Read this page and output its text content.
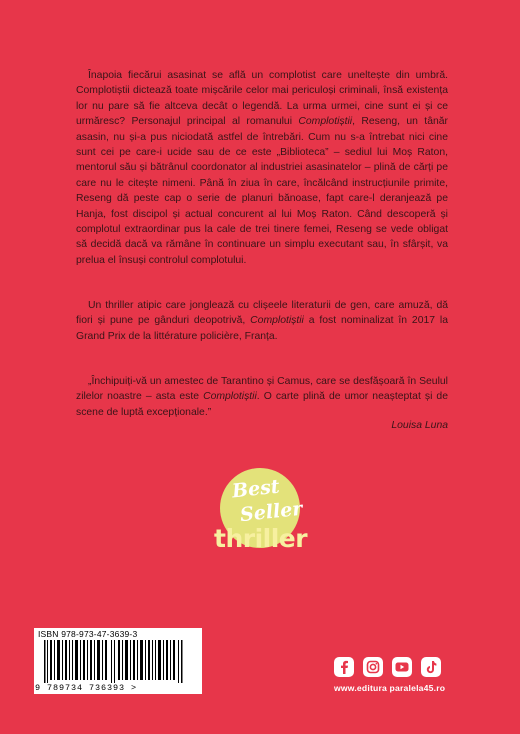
Înapoia fiecărui asasinat se află un complotist care uneltește din umbră. Complotiștii dictează toate mișcările celor mai periculoși criminali, însă existența lor nu pare să fie altceva decât o legendă. La urma urmei, cine sunt ei și ce urmăresc? Personajul principal al romanului Complotiștii, Reseng, un tânăr asasin, nu și-a pus niciodată astfel de întrebări. Cum nu s-a întrebat nici cine sunt cei pe care-i ucide sau de ce este „Biblioteca” – sediul lui Moș Raton, mentorul său și bătrânul coordonator al industriei asasinatelor – plină de cărți pe care nu le citește nimeni. Până în ziua în care, încălcând instrucțiunile primite, Reseng dă peste cap o serie de planuri bănoase, fapt care-l deranjează pe Hanja, fost discipol și actual concurent al lui Moș Raton. Când descoperă și complotul extraordinar pus la cale de trei tinere femei, Reseng se vede obligat să decidă dacă va rămâne în continuare un simplu executant sau, în sfârșit, va prelua el însuși controlul complotului.

Un thriller atipic care jonglează cu clișeele literaturii de gen, care amuză, dă fiori și pune pe gânduri deopotrivă, Complotiștii a fost nominalizat în 2017 la Grand Prix de la littérature policière, Franța.

„Închipuiți-vă un amestec de Tarantino și Camus, care se desfășoară în Seulul zilelor noastre – asta este Complotiștii. O carte plină de umor neașteptat și de scene de luptă excepționale.”

Louisa Luna
Best
Seller
thriller
ISBN 978-973-47-3639-3
9 789734 736393 >	www.editura paralela45.ro
